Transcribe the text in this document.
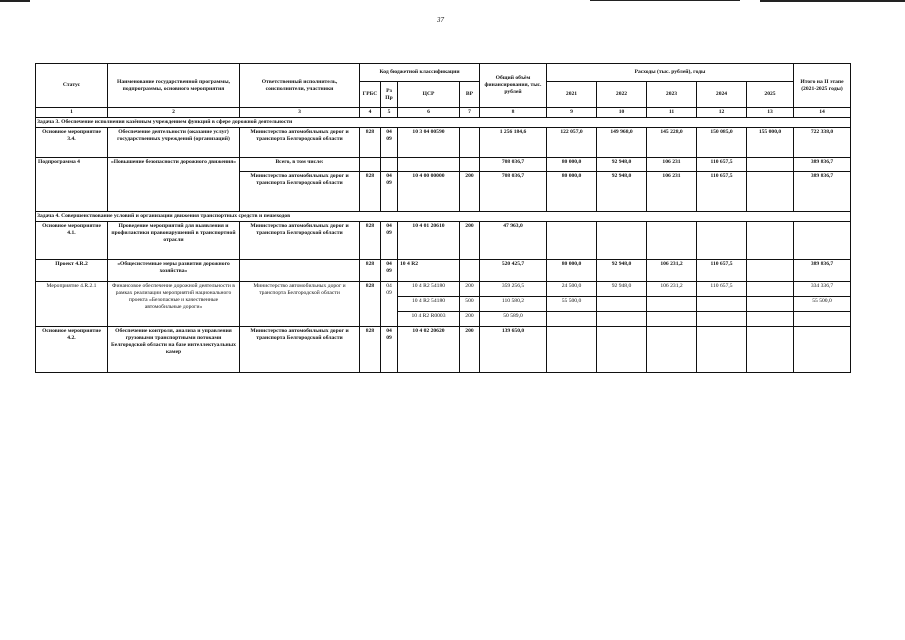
37
Статус	Наименование государственной программы, подпрограммы, основного мероприятия	Ответственный исполнитель, соисполнители, участники	Код бюджетной классификации				Общий объём финансирования, тыс. рублей	Расходы (тыс. рублей), годы					Итого на II этапе (2021-2025 годы)
			ГРБС	Рз Пр	ЦСР	ВР		2021	2022	2023	2024	2025	
1	2	3	4	5	6	7	8	9	10	11	12	13	14
Задача 3. Обеспечение исполнения казённым учреждением функций в сфере дорожной деятельности													
Основное мероприятие 3.4.	Обеспечение деятельности (оказание услуг) государственных учреждений (организаций)	Министерство автомобильных дорог и транспорта Белгородской области	828	04 09	10 3 04 00590		1 256 184,6	122 057,0	149 968,0	145 228,0	150 085,0	155 000,0	722 338,0
Подпрограмма 4	«Повышение безопасности дорожного движения»	Всего, в том числе:					708 036,7	80 000,0	92 948,0	106 231	110 657,5		389 836,7
		Министерство автомобильных дорог и транспорта Белгородской области	828	04 09	10 4 00 00000	200	708 036,7	80 000,0	92 948,0	106 231	110 657,5		389 836,7
Задача 4. Совершенствование условий и организации движения транспортных средств и пешеходов													
Основное мероприятие 4.1.	Проведение мероприятий для выявления и профилактики правонарушений в транспортной отрасли	Министерство автомобильных дорог и транспорта Белгородской области	828	04 09	10 4 01 20610	200	47 963,0						
Проект 4.R.2	«Общесистемные меры развития дорожного хозяйства»		828	04 09	10 4 R2		520 425,7	80 000,0	92 948,0	106 231,2	110 657,5		389 836,7
Мероприятие 4.R.2.1	Финансовое обеспечение дорожной деятельности в рамках реализации мероприятий национального проекта «Безопасные и качественные автомобильные дороги»	Министерство автомобильных дорог и транспорта Белгородской области	828	04 09	10 4 R2 54180	200	359 256,5	24 500,0	92 948,0	106 231,2	110 657,5		334 336,7
					10 4 R2 54180	500	110 580,2	55 500,0					55 500,0
					10 4 R2 R0003	200	50 589,0						
Основное мероприятие 4.2.	Обеспечение контроля, анализа и управления грузовыми транспортными потоками Белгородской области на базе интеллектуальных камер	Министерство автомобильных дорог и транспорта Белгородской области	828	04 09	10 4 02 20620	200	139 650,0						
